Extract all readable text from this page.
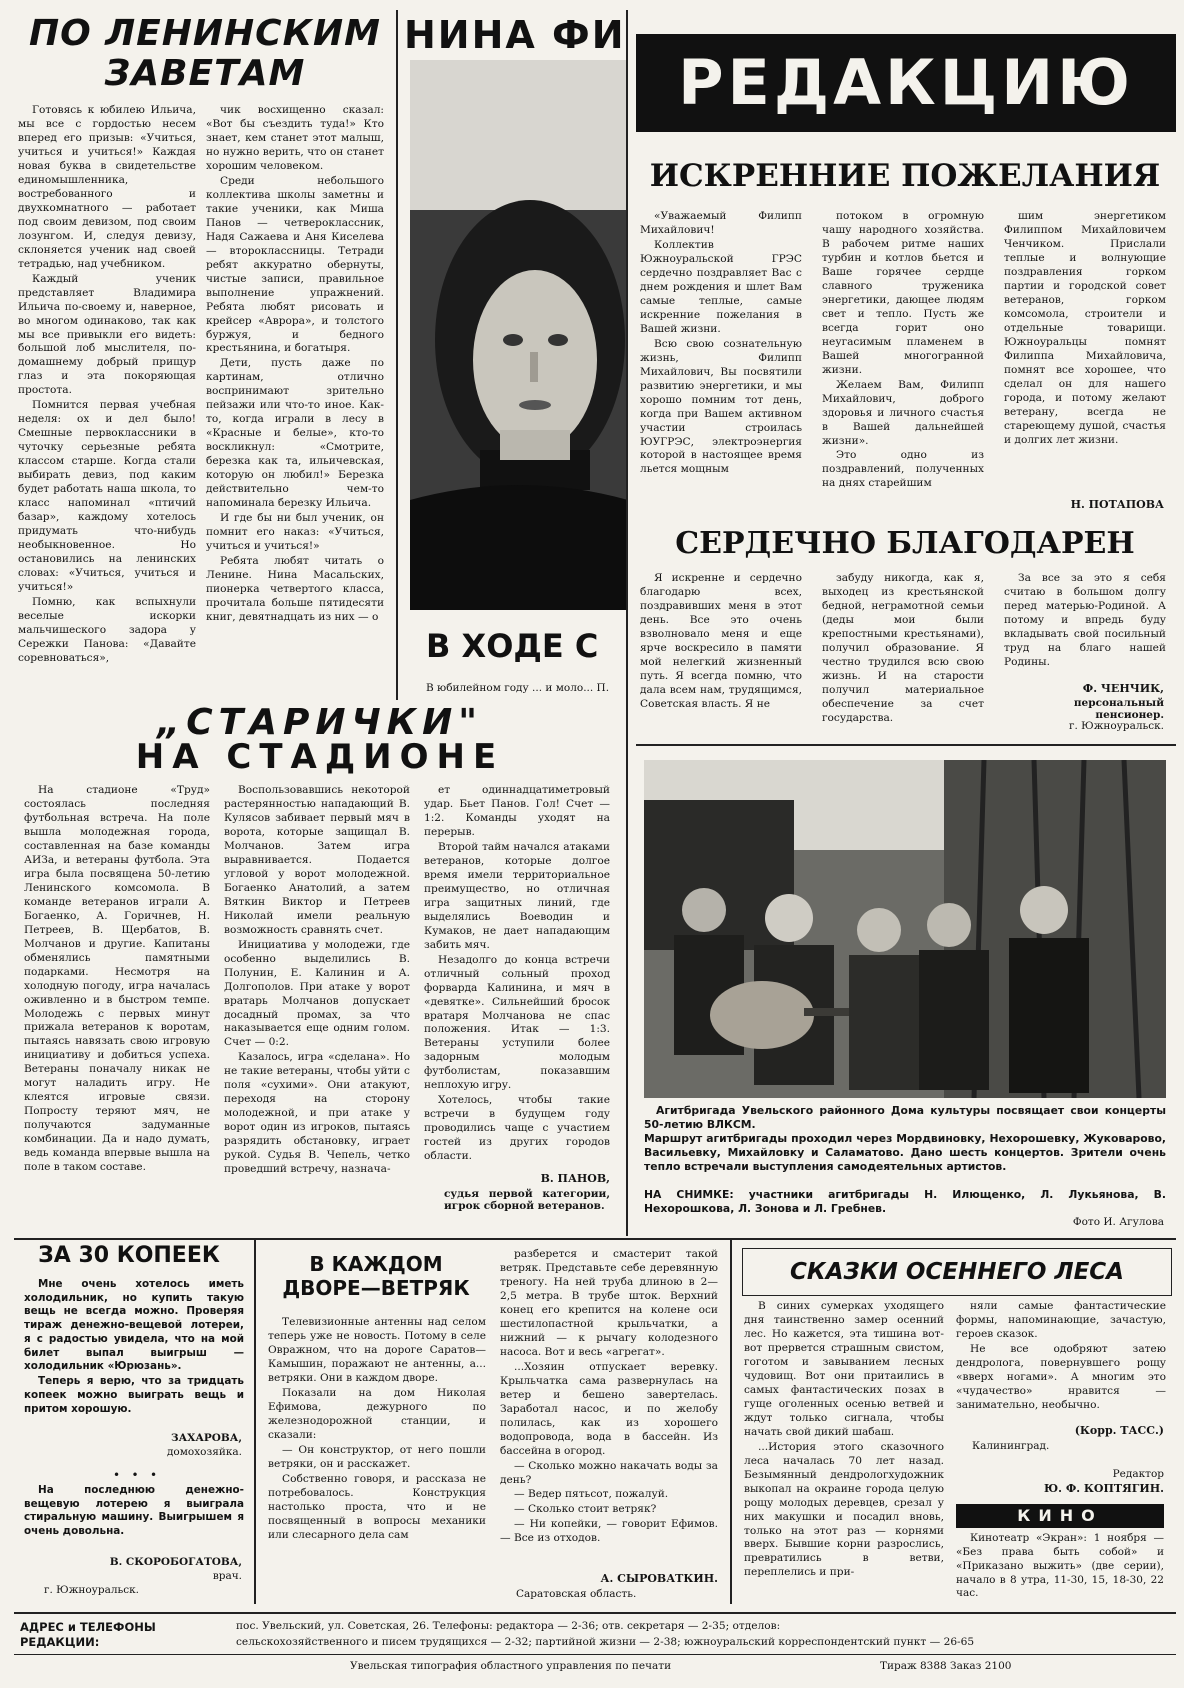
ПО ЛЕНИНСКИМ ЗАВЕТАМ

Готовясь к юбилею Ильича, мы все с гордостью несем вперед его призыв: «Учиться, учиться и учиться!» Каждая новая буква в свидетельстве единомышленника, востребованного и двухкомнатного — работает под своим девизом, под своим лозунгом. И, следуя девизу, склоняется ученик над своей тетрадью, над учебником.

Каждый ученик представляет Владимира Ильича по-своему и, наверное, во многом одинаково, так как мы все привыкли его видеть: большой лоб мыслителя, по-домашнему добрый прищур глаз и эта покоряющая простота.

Помнится первая учебная неделя: ох и дел было! Смешные первоклассники в чуточку серьезные ребята классом старше. Когда стали выбирать девиз, под каким будет работать наша школа, то класс напоминал «птичий базар», каждому хотелось придумать что-нибудь необыкновенное. Но остановились на ленинских словах: «Учиться, учиться и учиться!»

Помню, как вспыхнули веселые искорки мальчишеского задора у Сережки Панова: «Давайте соревноваться»,

чик восхищенно сказал: «Вот бы съездить туда!» Кто знает, кем станет этот малыш, но нужно верить, что он станет хорошим человеком.

Среди небольшого коллектива школы заметны и такие ученики, как Миша Панов — четвероклассник, Надя Сажаева и Аня Киселева — второклассницы. Тетради ребят аккуратно обернуты, чистые записи, правильное выполнение упражнений. Ребята любят рисовать и крейсер «Аврора», и толстого буржуя, и бедного крестьянина, и богатыря.

Дети, пусть даже по картинам, отлично воспринимают зрительно пейзажи или что-то иное. Как-то, когда играли в лесу в «Красные и белые», кто-то воскликнул: «Смотрите, березка как та, ильичевская, которую он любил!» Березка действительно чем-то напоминала березку Ильича.

И где бы ни был ученик, он помнит его наказ: «Учиться, учиться и учиться!»

Ребята любят читать о Ленине. Нина Масальских, пионерка четвертого класса, прочитала больше пятидесяти книг, девятнадцать из них — о

НИНА ФИ
В ХОДЕ С
В юбилейном году ... и моло... П.
РЕДАКЦИЮ
ИСКРЕННИЕ ПОЖЕЛАНИЯ

«Уважаемый Филипп Михайлович!

Коллектив Южноуральской ГРЭС сердечно поздравляет Вас с днем рождения и шлет Вам самые теплые, самые искренние пожелания в Вашей жизни.

Всю свою сознательную жизнь, Филипп Михайлович, Вы посвятили развитию энергетики, и мы хорошо помним тот день, когда при Вашем активном участии строилась ЮУГРЭС, электроэнергия которой в настоящее время льется мощным

потоком в огромную чашу народного хозяйства. В рабочем ритме наших турбин и котлов бьется и Ваше горячее сердце славного труженика энергетики, дающее людям свет и тепло. Пусть же всегда горит оно неугасимым пламенем в Вашей многогранной жизни.

Желаем Вам, Филипп Михайлович, доброго здоровья и личного счастья в Вашей дальнейшей жизни».

Это одно из поздравлений, полученных на днях старейшим

шим энергетиком Филиппом Михайловичем Ченчиком. Прислали теплые и волнующие поздравления горком партии и городской совет ветеранов, горком комсомола, строители и отдельные товарищи. Южноуральцы помнят Филиппа Михайловича, помнят все хорошее, что сделал он для нашего города, и потому желают ветерану, всегда не стареющему душой, счастья и долгих лет жизни.

Н. ПОТАПОВА
СЕРДЕЧНО БЛАГОДАРЕН

Я искренне и сердечно благодарю всех, поздравивших меня в этот день. Все это очень взволновало меня и еще ярче воскресило в памяти мой нелегкий жизненный путь. Я всегда помню, что дала всем нам, трудящимся, Советская власть. Я не

забуду никогда, как я, выходец из крестьянской бедной, неграмотной семьи (деды мои были крепостными крестьянами), получил образование. Я честно трудился всю свою жизнь. И на старости получил материальное обеспечение за счет государства.

За все за это я себя считаю в большом долгу перед матерью-Родиной. А потому и впредь буду вкладывать свой посильный труд на благо нашей Родины.

Ф. ЧЕНЧИК,
персональный пенсионер.
г. Южноуральск.
Агитбригада Увельского районного Дома культуры посвящает свои концерты 50-летию ВЛКСМ.
Маршрут агитбригады проходил через Мордвиновку, Нехорошевку, Жуковарово, Васильевку, Михайловку и Саламатово. Дано шесть концертов. Зрители очень тепло встречали выступления самодеятельных артистов.
НА СНИМКЕ: участники агитбригады Н. Илющенко, Л. Лукьянова, В. Нехорошкова, Л. Зонова и Л. Гребнев.
Фото И. Агулова
„СТАРИЧКИ"
НА СТАДИОНЕ

На стадионе «Труд» состоялась последняя футбольная встреча. На поле вышла молодежная города, составленная на базе команды АИЗа, и ветераны футбола. Эта игра была посвящена 50-летию Ленинского комсомола. В команде ветеранов играли А. Богаенко, А. Горичнев, Н. Петреев, В. Щербатов, В. Молчанов и другие. Капитаны обменялись памятными подарками. Несмотря на холодную погоду, игра началась оживленно и в быстром темпе. Молодежь с первых минут прижала ветеранов к воротам, пытаясь навязать свою игровую инициативу и добиться успеха. Ветераны поначалу никак не могут наладить игру. Не клеятся игровые связи. Попросту теряют мяч, не получаются задуманные комбинации. Да и надо думать, ведь команда впервые вышла на поле в таком составе.

Воспользовавшись некоторой растерянностью нападающий В. Кулясов забивает первый мяч в ворота, которые защищал В. Молчанов. Затем игра выравнивается. Подается угловой у ворот молодежной. Богаенко Анатолий, а затем Вяткин Виктор и Петреев Николай имели реальную возможность сравнять счет.

Инициатива у молодежи, где особенно выделились В. Полунин, Е. Калинин и А. Долгополов. При атаке у ворот вратарь Молчанов допускает досадный промах, за что наказывается еще одним голом. Счет — 0:2.

Казалось, игра «сделана». Но не такие ветераны, чтобы уйти с поля «сухими». Они атакуют, переходя на сторону молодежной, и при атаке у ворот один из игроков, пытаясь разрядить обстановку, играет рукой. Судья В. Чепель, четко проведший встречу, назнача-

ет одиннадцатиметровый удар. Бьет Панов. Гол! Счет — 1:2. Команды уходят на перерыв.

Второй тайм начался атаками ветеранов, которые долгое время имели территориальное преимущество, но отличная игра защитных линий, где выделялись Воеводин и Кумаков, не дает нападающим забить мяч.

Незадолго до конца встречи отличный сольный проход форварда Калинина, и мяч в «девятке». Сильнейший бросок вратаря Молчанова не спас положения. Итак — 1:3. Ветераны уступили более задорным молодым футболистам, показавшим неплохую игру.

Хотелось, чтобы такие встречи в будущем году проводились чаще с участием гостей из других городов области.

В. ПАНОВ,
судья первой категории, игрок сборной ветеранов.
ЗА 30 КОПЕЕК

Мне очень хотелось иметь холодильник, но купить такую вещь не всегда можно. Проверяя тираж денежно-вещевой лотереи, я с радостью увидела, что на мой билет выпал выигрыш — холодильник «Юрюзань».

Теперь я верю, что за тридцать копеек можно выиграть вещь и притом хорошую.

ЗАХАРОВА,
домохозяйка.
•   •   •

На последнюю денежно-вещевую лотерею я выиграла стиральную машину. Выигрышем я очень довольна.

В. СКОРОБОГАТОВА,
врач.
г. Южноуральск.
В КАЖДОМ ДВОРЕ—ВЕТРЯК

Телевизионные антенны над селом теперь уже не новость. Потому в селе Овражном, что на дороге Саратов—Камышин, поражают не антенны, а... ветряки. Они в каждом дворе.

Показали на дом Николая Ефимова, дежурного по железнодорожной станции, и сказали:

— Он конструктор, от него пошли ветряки, он и расскажет.

Собственно говоря, и рассказа не потребовалось. Конструкция настолько проста, что и не посвященный в вопросы механики или слесарного дела сам

разберется и смастерит такой ветряк. Представьте себе деревянную треногу. На ней труба длиною в 2—2,5 метра. В трубе шток. Верхний конец его крепится на колене оси шестилопастной крыльчатки, а нижний — к рычагу колодезного насоса. Вот и весь «агрегат».

...Хозяин отпускает веревку. Крыльчатка сама развернулась на ветер и бешено завертелась. Заработал насос, и по желобу полилась, как из хорошего водопровода, вода в бассейн. Из бассейна в огород.

— Сколько можно накачать воды за день?

— Ведер пятьсот, пожалуй.

— Сколько стоит ветряк?

— Ни копейки, — говорит Ефимов.— Все из отходов.

А. СЫРОВАТКИН.
Саратовская область.
СКАЗКИ ОСЕННЕГО ЛЕСА

В синих сумерках уходящего дня таинственно замер осенний лес. Но кажется, эта тишина вот-вот прервется страшным свистом, гоготом и завыванием лесных чудовищ. Вот они притаились в самых фантастических позах в гуще оголенных осенью ветвей и ждут только сигнала, чтобы начать свой дикий шабаш.

...История этого сказочного леса началась 70 лет назад. Безымянный дендрологхудожник выкопал на окраине города целую рощу молодых деревцев, срезал у них макушки и посадил вновь, только на этот раз — корнями вверх. Бывшие корни разрослись, превратились в ветви, переплелись и при-

няли самые фантастические формы, напоминающие, зачастую, героев сказок.

Не все одобряют затею дендролога, повернувшего рощу «вверх ногами». А многим это «чудачество» нравится — занимательно, необычно.

(Корр. ТАСС.)
Калининград.
Редактор
Ю. Ф. КОПТЯГИН.
КИНО

Кинотеатр «Экран»: 1 ноября — «Без права быть собой» и «Приказано выжить» (две серии), начало в 8 утра, 11-30, 15, 18-30, 22 час.

АДРЕС и ТЕЛЕФОНЫ РЕДАКЦИИ:
пос. Увельский, ул. Советская, 26. Телефоны: редактора — 2-36; отв. секретаря — 2-35; отделов:
сельскохозяйственного и писем трудящихся — 2-32; партийной жизни — 2-38; южноуральский корреспондентский пункт — 26-65
Увельская типография областного управления по печати	Тираж 8388 Заказ 2100
